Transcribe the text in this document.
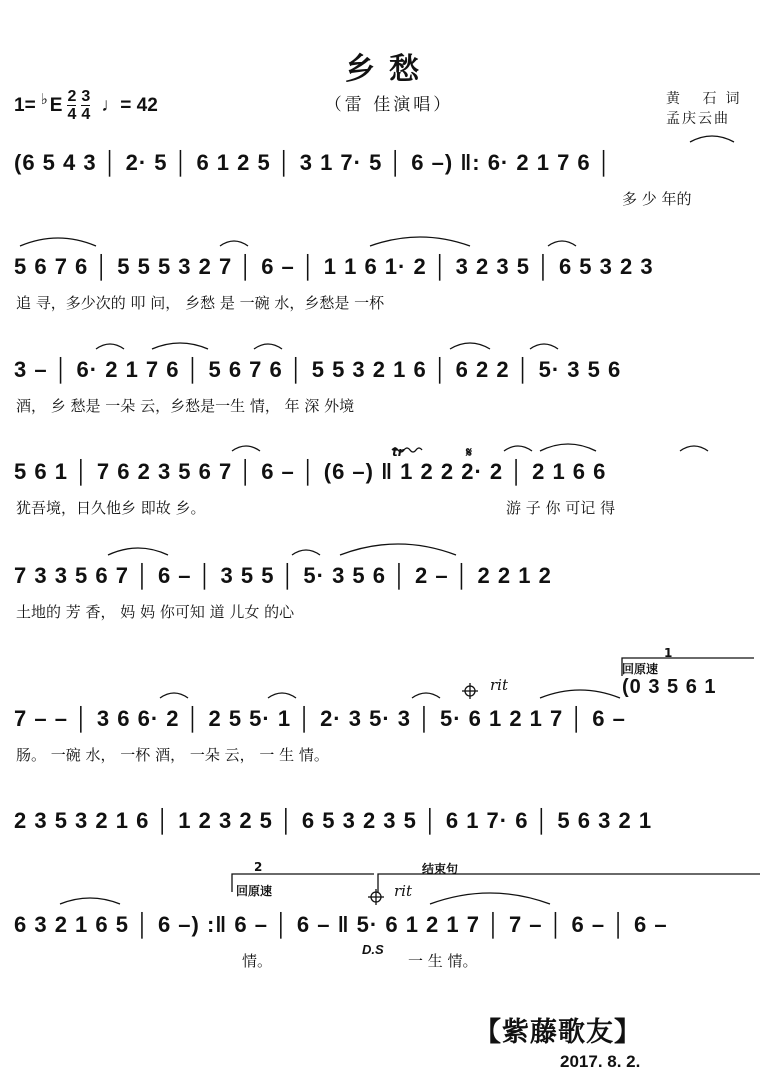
乡愁
（雷 佳演唱）
1= ♭ E $\frac{2}{4} \frac{3}{4}$ ♩= 42	黄 石词
孟庆云曲
(6 5 4 3 │ 2· 5 │ 6 1 2 5 │ 3 1 7· 5 │ 6 –) ‖: 6· 2 1 7 6 │
多 少 年的
5 6 7 6 │ 5 5 5 3 2 7 │ 6 – │ 1 1 6 1· 2 │ 3 2 3 5 │ 6 5 3 2 3
追 寻，多少次的 叩 问， 乡愁 是 一碗 水，乡愁是 一杯
3 – │ 6· 2 1 7 6 │ 5 6 7 6 │ 5 5 3 2 1 6 │ 6 2 2 │ 5· 3 5 6
酒， 乡 愁是 一朵 云，乡愁是一生 情， 年 深 外境
5 6 1 │ 7 6 2 3 5 6 7 │ 6 – │ (6 –) ‖ 1 2 2 2· 2 │ 2 1 6 6
犹吾境，日久他乡 即故 乡。	游 子 你 可记 得
tr	𝄋
7 3 3 5 6 7 │ 6 – │ 3 5 5 │ 5· 3 5 6 │ 2 – │ 2 2 1 2
土地的 芳 香， 妈 妈 你可知 道 儿女 的心
7 – – │ 3 6 6· 2 │ 2 5 5· 1 │ 2· 3 5· 3 │ 5· 6 1 2 1 7 │ 6 –
肠。 一碗 水， 一杯 酒， 一朵 云， 一 生 情。
rit
回原速
1
(0 3 5 6 1
2 3 5 3 2 1 6 │ 1 2 3 2 5 │ 6 5 3 2 3 5 │ 6 1 7· 6 │ 5 6 3 2 1
6 3 2 1 6 5 │ 6 –) :‖ 6 – │ 6 – ‖ 5· 6 1 2 1 7 │ 7 – │ 6 – │ 6 –
情。	一 生 情。
2
回原速
结束句
rit
D.S
【紫藤歌友】
2017. 8. 2.
